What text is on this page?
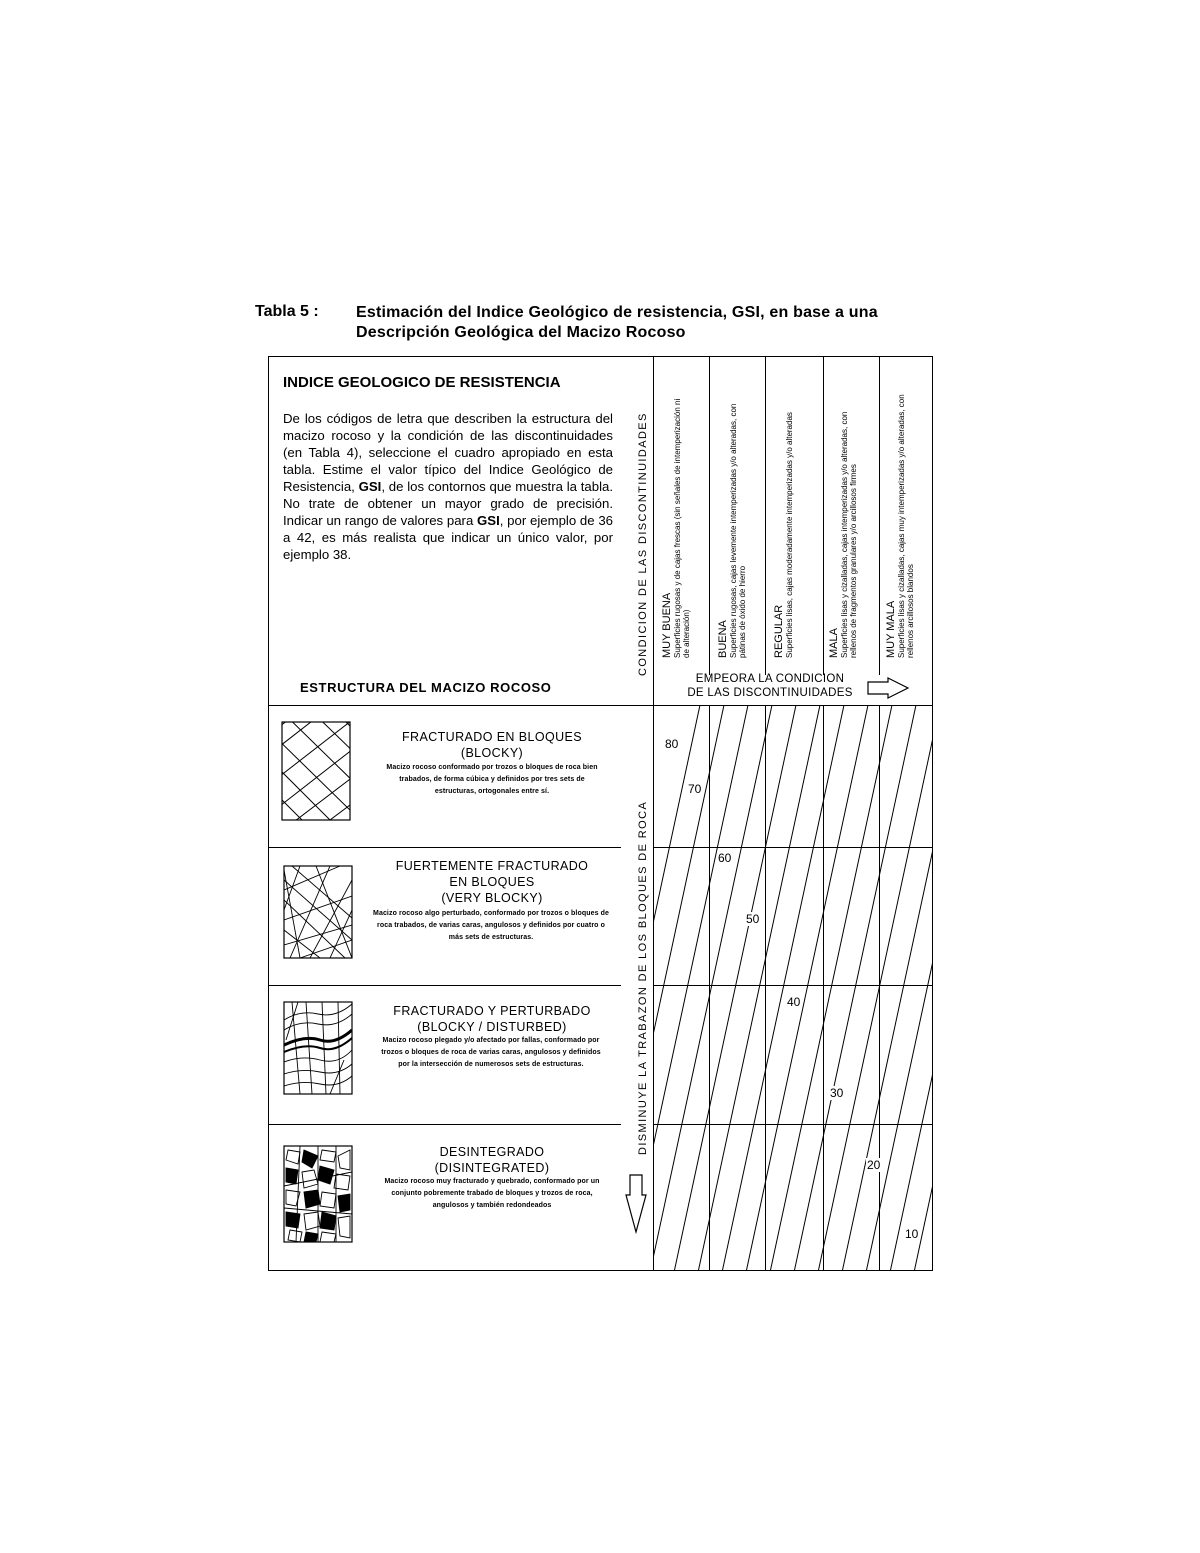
Tabla 5 : Estimación del Indice Geológico de resistencia, GSI, en base a una Descripción Geológica del Macizo Rocoso
INDICE GEOLOGICO DE RESISTENCIA
De los códigos de letra que describen la estructura del macizo rocoso y la condición de las discontinuidades (en Tabla 4), seleccione el cuadro apropiado en esta tabla. Estime el valor típico del Indice Geológico de Resistencia, GSI, de los contornos que muestra la tabla. No trate de obtener un mayor grado de precisión. Indicar un rango de valores para GSI, por ejemplo de 36 a 42, es más realista que indicar un único valor, por ejemplo 38.
ESTRUCTURA DEL MACIZO ROCOSO
CONDICION DE LAS DISCONTINUIDADES MUY BUENA Superficies rugosas y de cajas frescas (sin señales de intemperización ni de alteración) BUENA Superficies rugosas, cajas levemente intemperizadas y/o alteradas, con pátinas de óxido de hierro REGULAR Superficies lisas, cajas moderadamente intemperizadas y/o alteradas	MALA Superficies lisas y cizalladas, cajas intemperizadas y/o alteradas, con rellenos de fragmentos granulares y/o arcillosos firmes MUY MALA Superficies lisas y cizalladas, cajas muy intemperizadas y/o alteradas, con rellenos arcillosos blandos
EMPEORA LA CONDICION
DE LAS DISCONTINUIDADES
DISMINUYE LA TRABAZON DE LOS BLOQUES DE ROCA
FRACTURADO EN BLOQUES
(BLOCKY)
Macizo rocoso conformado por trozos o bloques de roca bien trabados, de forma cúbica y definidos por tres sets de estructuras, ortogonales entre sí.
FUERTEMENTE FRACTURADO
EN BLOQUES
(VERY BLOCKY)
Macizo rocoso algo perturbado, conformado por trozos o bloques de roca trabados, de varias caras, angulosos y definidos por cuatro o más sets de estructuras.
FRACTURADO Y PERTURBADO
(BLOCKY / DISTURBED)
Macizo rocoso plegado y/o afectado por fallas, conformado por trozos o bloques de roca de varias caras, angulosos y definidos por la intersección de numerosos sets de estructuras.
DESINTEGRADO
(DISINTEGRATED)
Macizo rocoso muy fracturado y quebrado, conformado por un conjunto pobremente trabado de bloques y trozos de roca, angulosos y también redondeados
80
70
60
50
40
30
20
10
